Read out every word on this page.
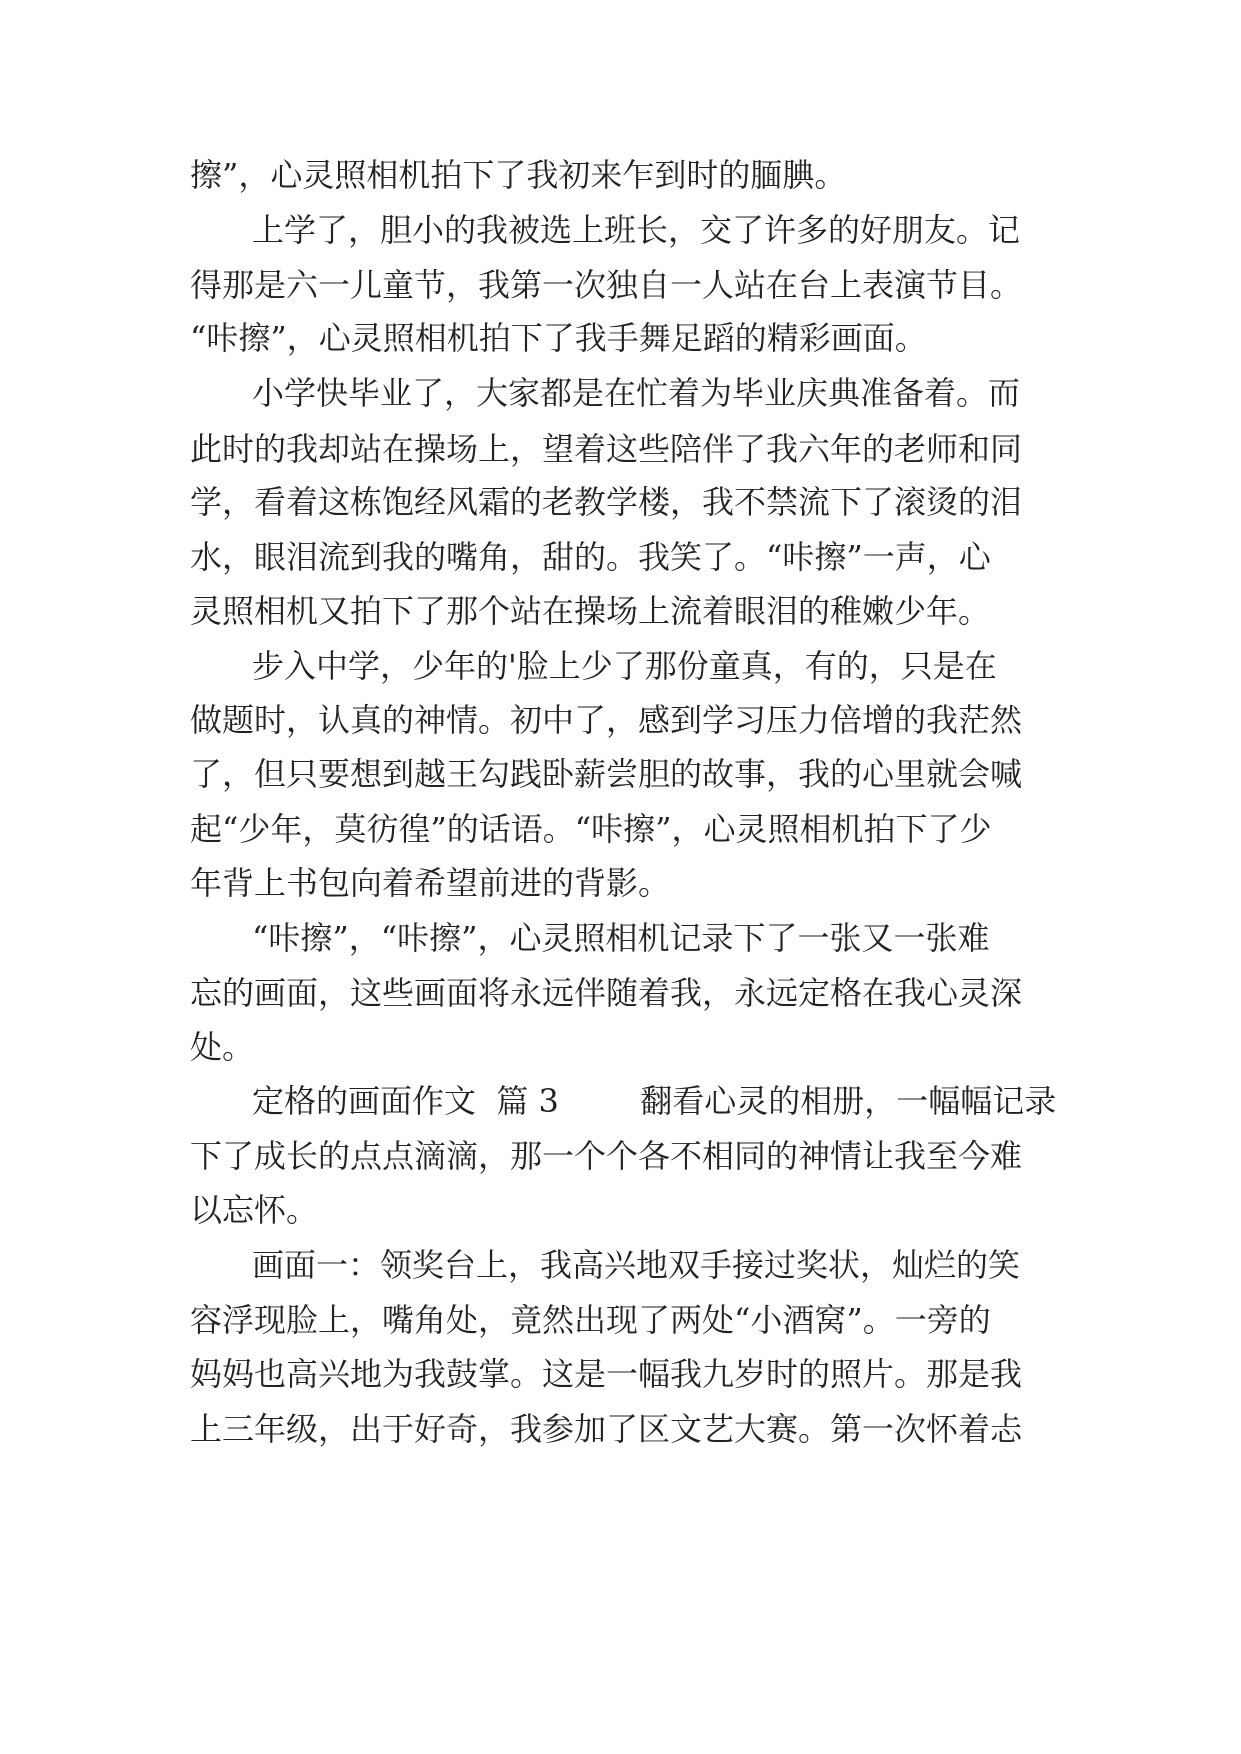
擦”，心灵照相机拍下了我初来乍到时的腼腆。
上学了，胆小的我被选上班长，交了许多的好朋友。记
得那是六一儿童节，我第一次独自一人站在台上表演节目。
“咔擦”，心灵照相机拍下了我手舞足蹈的精彩画面。
小学快毕业了，大家都是在忙着为毕业庆典准备着。而
此时的我却站在操场上，望着这些陪伴了我六年的老师和同
学，看着这栋饱经风霜的老教学楼，我不禁流下了滚烫的泪
水，眼泪流到我的嘴角，甜的。我笑了。“咔擦”一声，心
灵照相机又拍下了那个站在操场上流着眼泪的稚嫩少年。
步入中学，少年的'脸上少了那份童真，有的，只是在
做题时，认真的神情。初中了，感到学习压力倍增的我茫然
了，但只要想到越王勾践卧薪尝胆的故事，我的心里就会喊
起“少年，莫彷徨”的话语。“咔擦”，心灵照相机拍下了少
年背上书包向着希望前进的背影。
“咔擦”，“咔擦”，心灵照相机记录下了一张又一张难
忘的画面，这些画面将永远伴随着我，永远定格在我心灵深
处。
定格的画面作文  篇 3        翻看心灵的相册，一幅幅记录
下了成长的点点滴滴，那一个个各不相同的神情让我至今难
以忘怀。
画面一：领奖台上，我高兴地双手接过奖状，灿烂的笑
容浮现脸上，嘴角处，竟然出现了两处“小酒窝”。一旁的
妈妈也高兴地为我鼓掌。这是一幅我九岁时的照片。那是我
上三年级，出于好奇，我参加了区文艺大赛。第一次怀着忐
